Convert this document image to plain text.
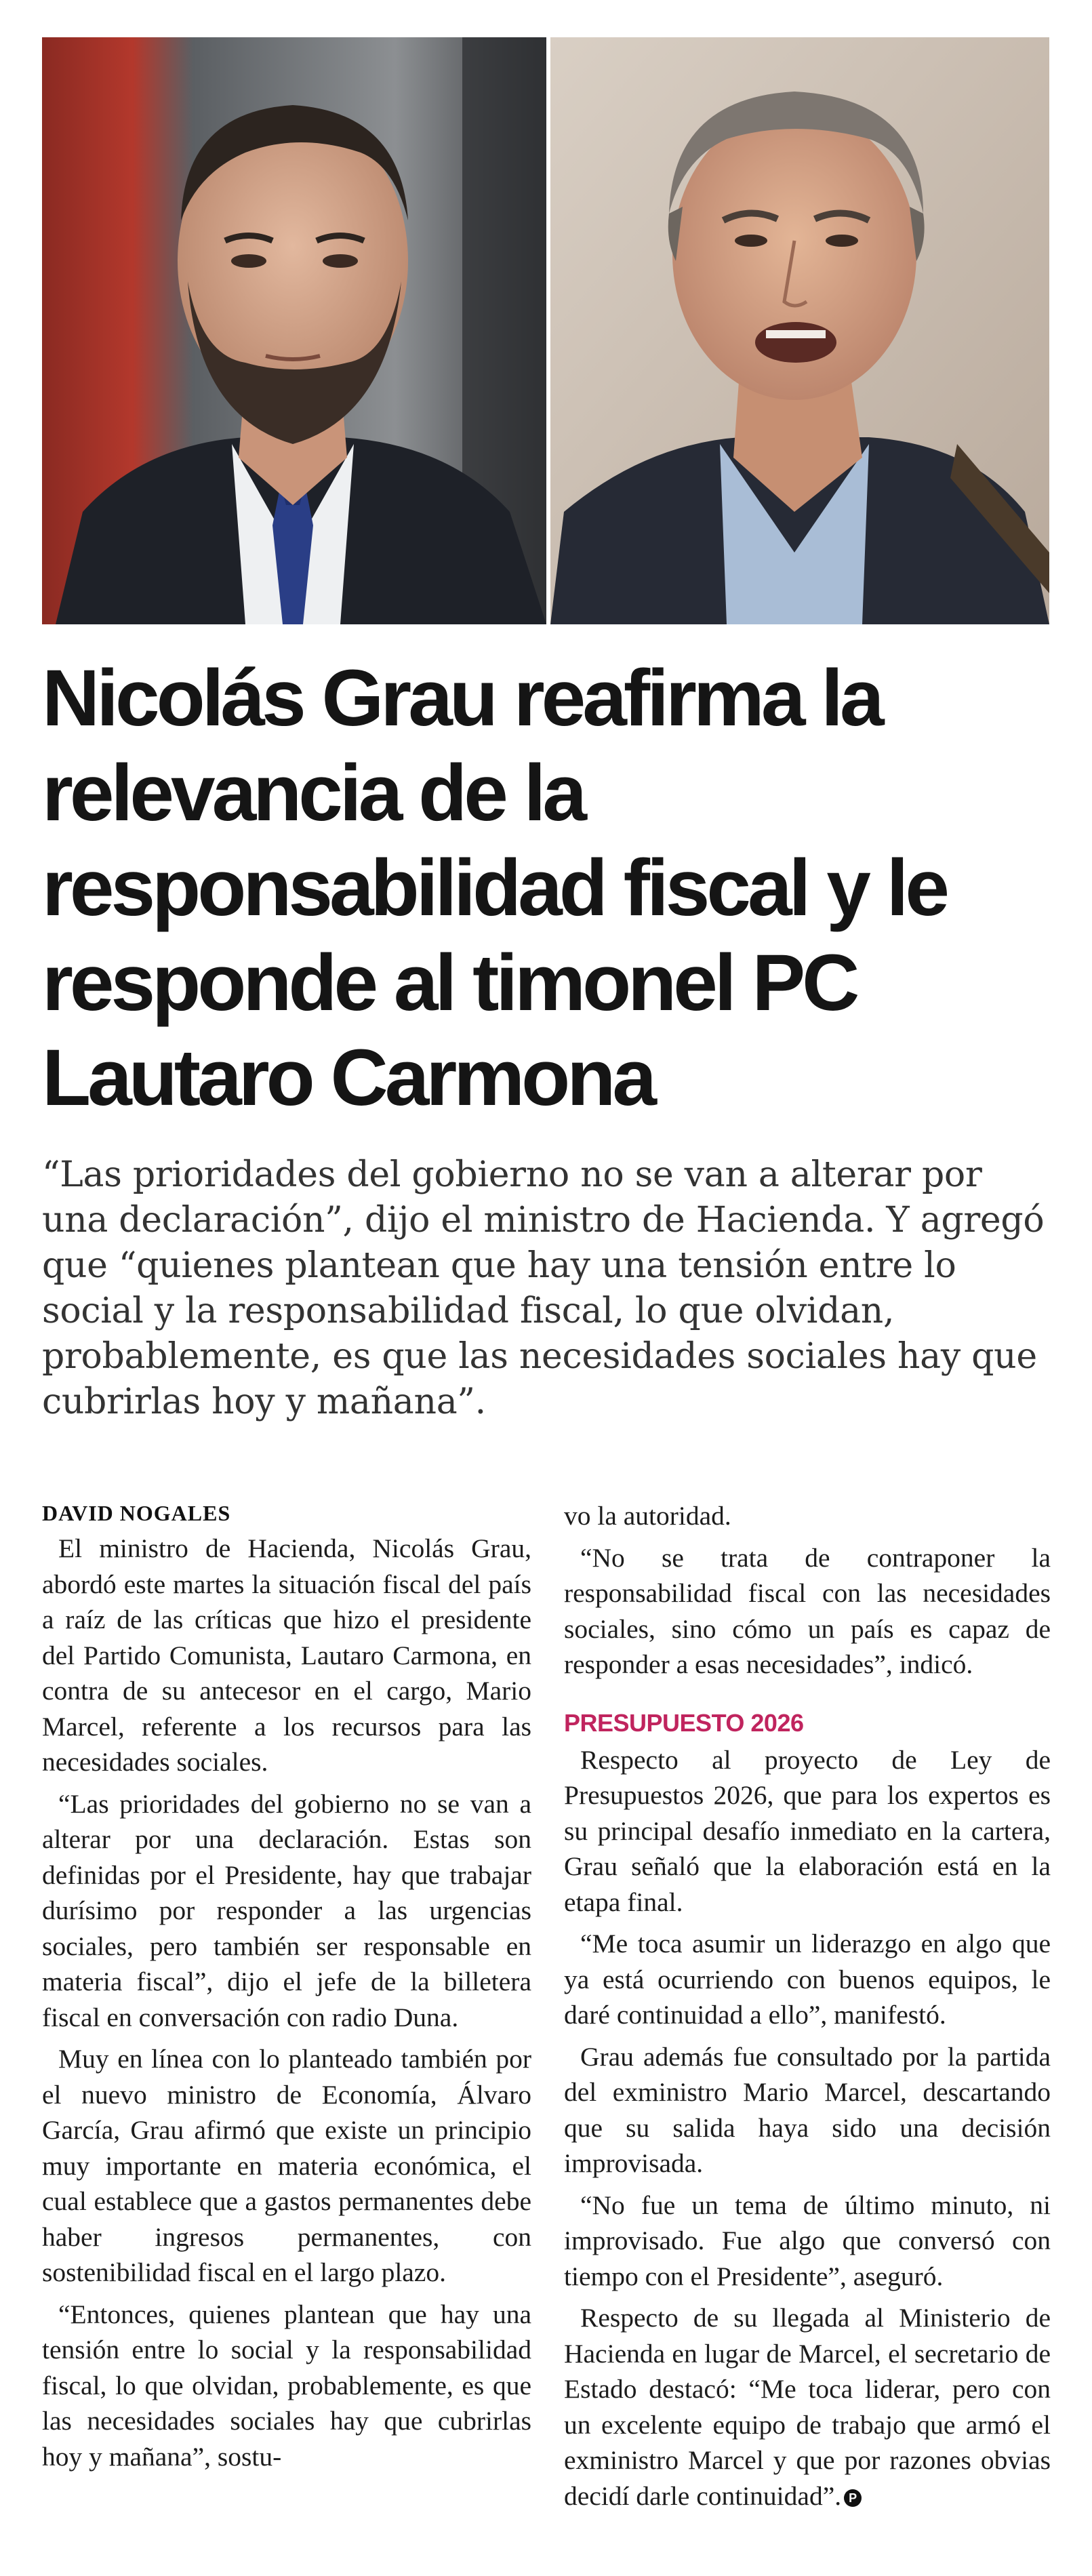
Nicolás Grau reafirma la relevancia de la responsabilidad fiscal y le responde al timonel PC Lautaro Carmona

“Las prioridades del gobierno no se van a alterar por una declaración”, dijo el ministro de Hacienda. Y agregó que “quienes plantean que hay una tensión entre lo social y la responsabilidad fiscal, lo que olvidan, probablemente, es que las necesidades sociales hay que cubrirlas hoy y mañana”.

DAVID NOGALES

El ministro de Hacienda, Nicolás Grau, abordó este martes la situación fiscal del país a raíz de las críticas que hizo el presidente del Partido Comunista, Lautaro Carmona, en contra de su antecesor en el cargo, Mario Marcel, referente a los recursos para las necesidades sociales.

“Las prioridades del gobierno no se van a alterar por una declaración. Estas son definidas por el Presidente, hay que trabajar durísimo por responder a las urgencias sociales, pero también ser responsable en materia fiscal”, dijo el jefe de la billetera fiscal en conversación con radio Duna.

Muy en línea con lo planteado también por el nuevo ministro de Economía, Álvaro García, Grau afirmó que existe un principio muy importante en materia económica, el cual establece que a gastos permanentes debe haber ingresos permanentes, con sostenibilidad fiscal en el largo plazo.

“Entonces, quienes plantean que hay una tensión entre lo social y la responsabilidad fiscal, lo que olvidan, probablemente, es que las necesidades sociales hay que cubrirlas hoy y mañana”, sostu-

vo la autoridad.

“No se trata de contraponer la responsabilidad fiscal con las necesidades sociales, sino cómo un país es capaz de responder a esas necesidades”, indicó.

PRESUPUESTO 2026

Respecto al proyecto de Ley de Presupuestos 2026, que para los expertos es su principal desafío inmediato en la cartera, Grau señaló que la elaboración está en la etapa final.

“Me toca asumir un liderazgo en algo que ya está ocurriendo con buenos equipos, le daré continuidad a ello”, manifestó.

Grau además fue consultado por la partida del exministro Mario Marcel, descartando que su salida haya sido una decisión improvisada.

“No fue un tema de último minuto, ni improvisado. Fue algo que conversó con tiempo con el Presidente”, aseguró.

Respecto de su llegada al Ministerio de Hacienda en lugar de Marcel, el secretario de Estado destacó: “Me toca liderar, pero con un excelente equipo de trabajo que armó el exministro Marcel y que por razones obvias decidí darle continuidad”. P
